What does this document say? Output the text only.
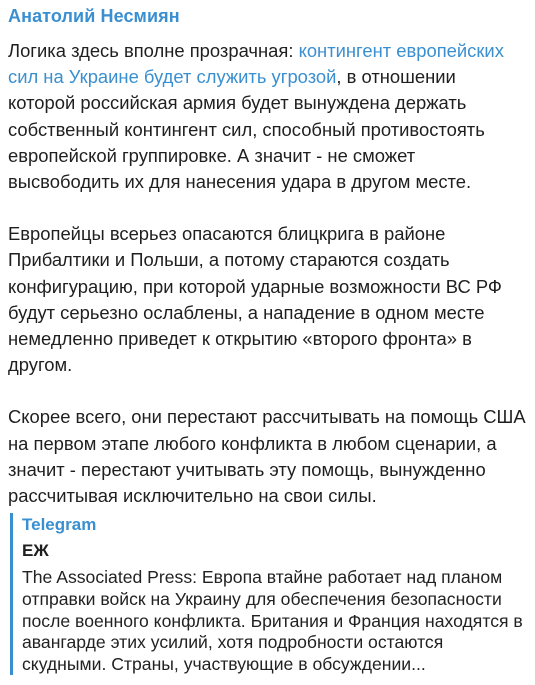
Анатолий Несмиян

Логика здесь вполне прозрачная: контингент европейских сил на Украине будет служить угрозой, в отношении которой российская армия будет вынуждена держать собственный контингент сил, способный противостоять европейской группировке. А значит - не сможет высвободить их для нанесения удара в другом месте.

Европейцы всерьез опасаются блицкрига в районе Прибалтики и Польши, а потому стараются создать конфигурацию, при которой ударные возможности ВС РФ будут серьезно ослаблены, а нападение в одном месте немедленно приведет к открытию «второго фронта» в другом.

Скорее всего, они перестают рассчитывать на помощь США на первом этапе любого конфликта в любом сценарии, а значит - перестают учитывать эту помощь, вынужденно рассчитывая исключительно на свои силы.

Telegram
ЕЖ
The Associated Press: Европа втайне работает над планом отправки войск на Украину для обеспечения безопасности после военного конфликта. Британия и Франция находятся в авангарде этих усилий, хотя подробности остаются скудными. Страны, участвующие в обсуждении...
